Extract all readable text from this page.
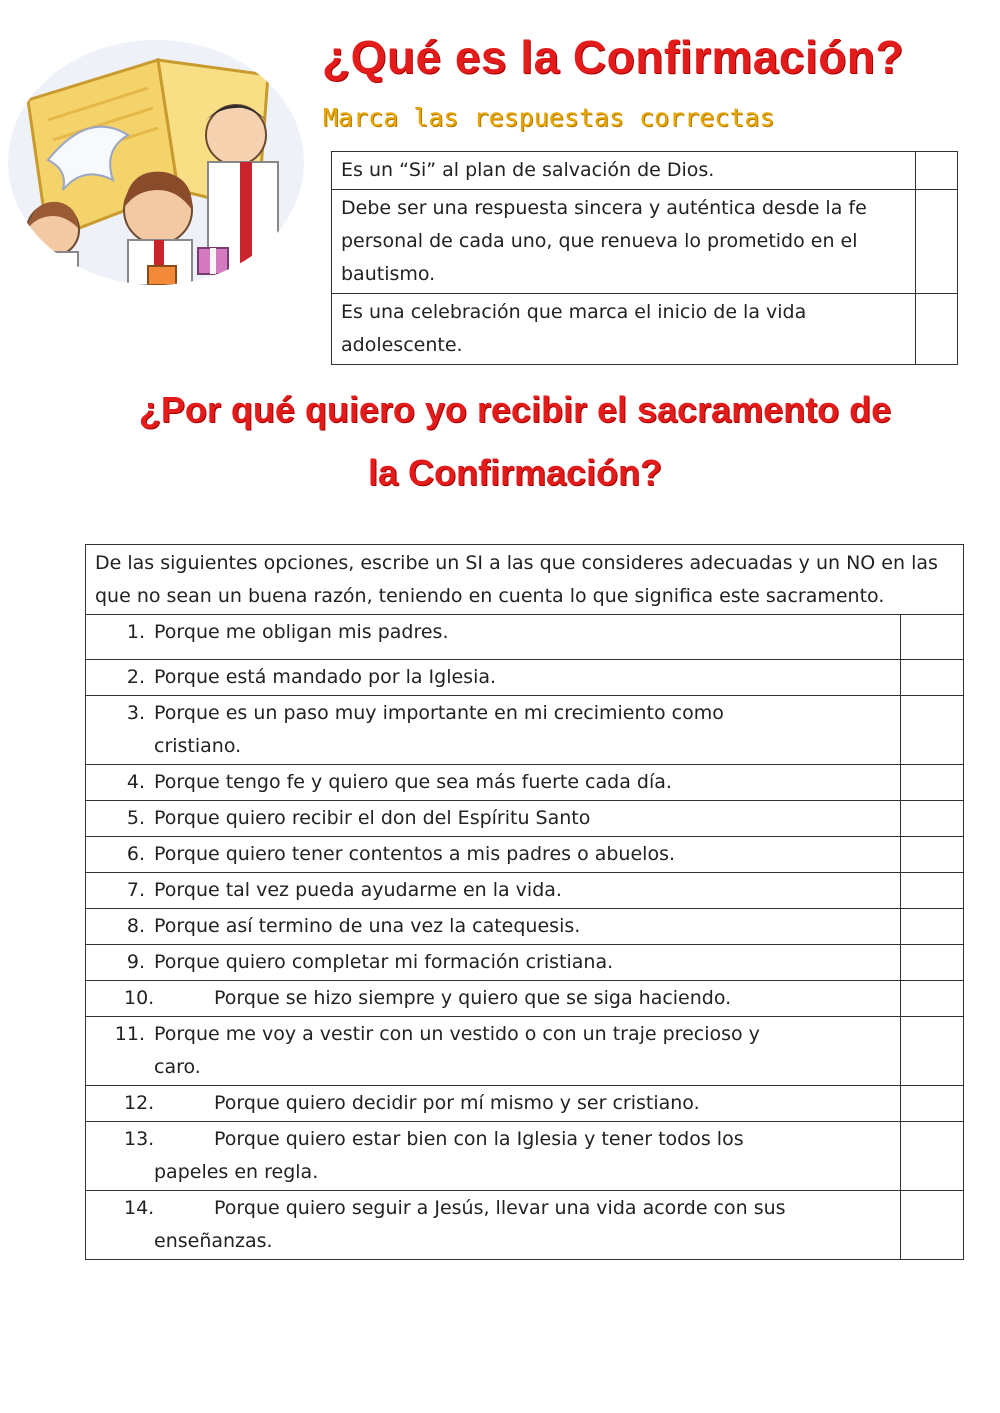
¿Qué es la Confirmación?
Marca las respuestas correctas
Es un “Si” al plan de salvación de Dios.	
Debe ser una respuesta sincera y auténtica desde la fe personal de cada uno, que renueva lo prometido en el bautismo.	
Es una celebración que marca el inicio de la vida adolescente.	
¿Por qué quiero yo recibir el sacramento de
la Confirmación?
De las siguientes opciones, escribe un SI a las que consideres adecuadas y un NO en las que no sean un buena razón, teniendo en cuenta lo que significa este sacramento.	

1. Porque me obligan mis padres.	

2. Porque está mandado por la Iglesia.	

3. Porque es un paso muy importante en mi crecimiento como
cristiano.	

4. Porque tengo fe y quiero que sea más fuerte cada día.	

5. Porque quiero recibir el don del Espíritu Santo	

6. Porque quiero tener contentos a mis padres o abuelos.	

7. Porque tal vez pueda ayudarme en la vida.	

8. Porque así termino de una vez la catequesis.	

9. Porque quiero completar mi formación cristiana.	

10. Porque se hizo siempre y quiero que se siga haciendo.	

11. Porque me voy a vestir con un vestido o con un traje precioso y
caro.	

12. Porque quiero decidir por mí mismo y ser cristiano.	

13. Porque quiero estar bien con la Iglesia y tener todos los
papeles en regla.	

14. Porque quiero seguir a Jesús, llevar una vida acorde con sus
enseñanzas.	
